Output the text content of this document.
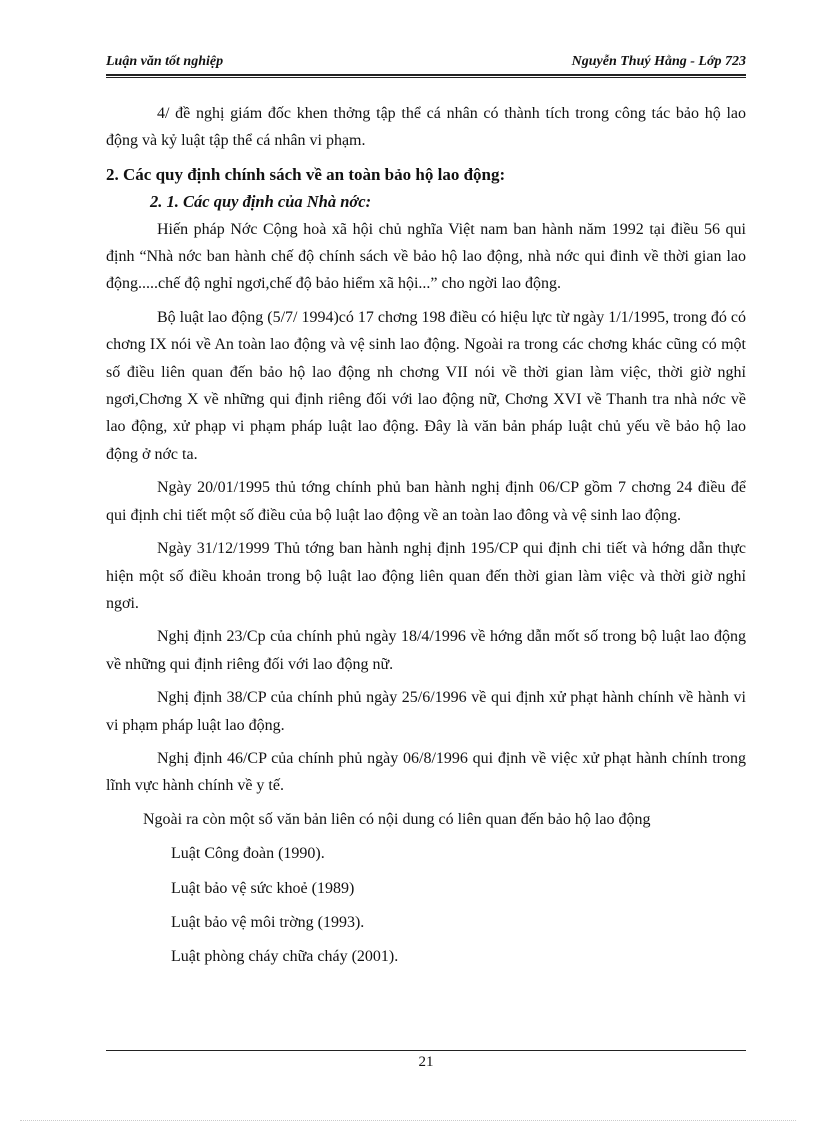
Luận văn tốt nghiệp	Nguyễn Thuý Hằng - Lớp 723

4/ đề nghị giám đốc khen thởng tập thể cá nhân có thành tích trong công tác bảo hộ lao động và kỷ luật tập thể cá nhân vi phạm.

2. Các quy định chính sách về an toàn bảo hộ lao động:

2. 1. Các quy định của Nhà nớc:

Hiến pháp Nớc Cộng hoà xã hội chủ nghĩa Việt nam ban hành năm 1992 tại điều 56 qui định “Nhà nớc ban hành chế độ chính sách về bảo hộ lao động, nhà nớc qui đinh về thời gian lao động.....chế độ nghỉ ngơi,chế độ bảo hiểm xã hội...” cho ngời lao động.

Bộ luật lao động (5/7/ 1994)có 17 chơng 198 điều có hiệu lực từ ngày 1/1/1995, trong đó có chơng IX nói về An toàn lao động và vệ sinh lao động. Ngoài ra trong các chơng khác cũng có một số điều liên quan đến bảo hộ lao động nh chơng VII nói về thời gian làm việc, thời giờ nghỉ ngơi,Chơng X về những qui định riêng đối với lao động nữ, Chơng XVI về Thanh tra nhà nớc về lao động, xử phạp vi phạm pháp luật lao động. Đây là văn bản pháp luật chủ yếu về bảo hộ lao động ở nớc ta.

Ngày 20/01/1995 thủ tớng chính phủ ban hành nghị định 06/CP gồm 7 chơng 24 điều để qui định chi tiết một số điều của bộ luật lao động về an toàn lao đông và vệ sinh lao động.

Ngày 31/12/1999 Thủ tớng ban hành nghị định 195/CP qui định chi tiết và hớng dẫn thực hiện một số điều khoản trong bộ luật lao động liên quan đến thời gian làm việc và thời giờ nghỉ ngơi.

Nghị định 23/Cp của chính phủ ngày 18/4/1996 về hớng dẫn mốt số trong bộ luật lao động về những qui định riêng đối với lao động nữ.

Nghị định 38/CP của chính phủ ngày 25/6/1996 về qui định xử phạt hành chính về hành vi vi phạm pháp luật lao động.

Nghị định 46/CP của chính phủ ngày 06/8/1996 qui định về việc xử phạt hành chính trong lĩnh vực hành chính về y tế.

Ngoài ra còn một số văn bản liên có nội dung có liên quan đến bảo hộ lao động

Luật Công đoàn (1990).

Luật bảo vệ sức khoẻ (1989)

Luật bảo vệ môi trờng (1993).

Luật phòng cháy chữa cháy (2001).

21
